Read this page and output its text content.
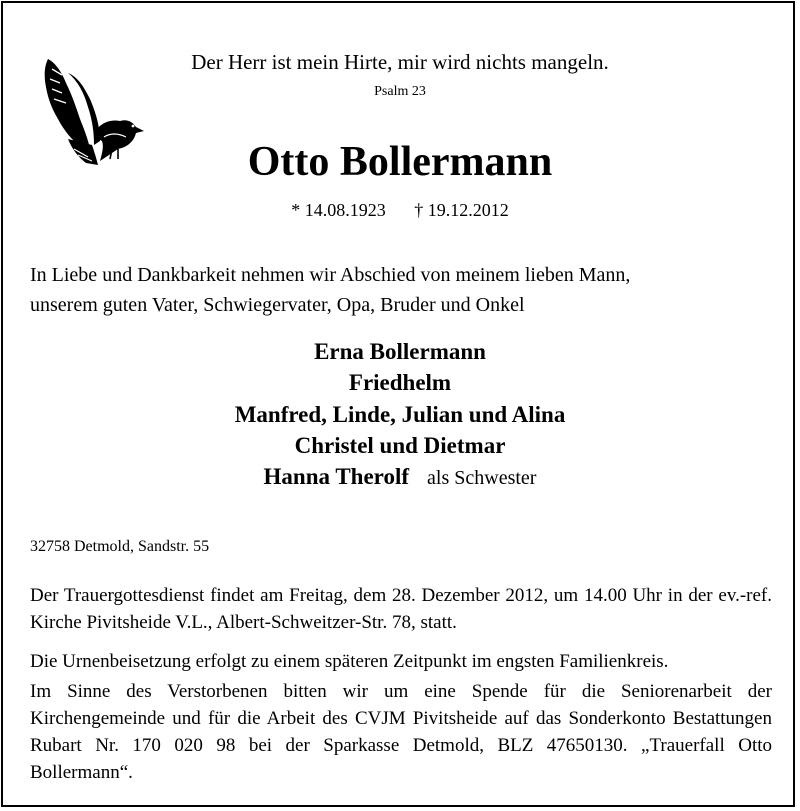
Der Herr ist mein Hirte, mir wird nichts mangeln.
Psalm 23
Otto Bollermann
* 14.08.1923 † 19.12.2012
In Liebe und Dankbarkeit nehmen wir Abschied von meinem lieben Mann,
unserem guten Vater, Schwiegervater, Opa, Bruder und Onkel
Erna Bollermann
Friedhelm
Manfred, Linde, Julian und Alina
Christel und Dietmar
Hanna Therolf als Schwester
32758 Detmold, Sandstr. 55
Der Trauergottesdienst findet am Freitag, dem 28. Dezember 2012, um 14.00 Uhr in der ev.-ref. Kirche Pivitsheide V.L., Albert-Schweitzer-Str. 78, statt.
Die Urnenbeisetzung erfolgt zu einem späteren Zeitpunkt im engsten Familienkreis.
Im Sinne des Verstorbenen bitten wir um eine Spende für die Seniorenarbeit der Kirchengemeinde und für die Arbeit des CVJM Pivitsheide auf das Sonderkonto Bestattungen Rubart Nr. 170 020 98 bei der Sparkasse Detmold, BLZ 47650130. „Trauerfall Otto Bollermann“.
